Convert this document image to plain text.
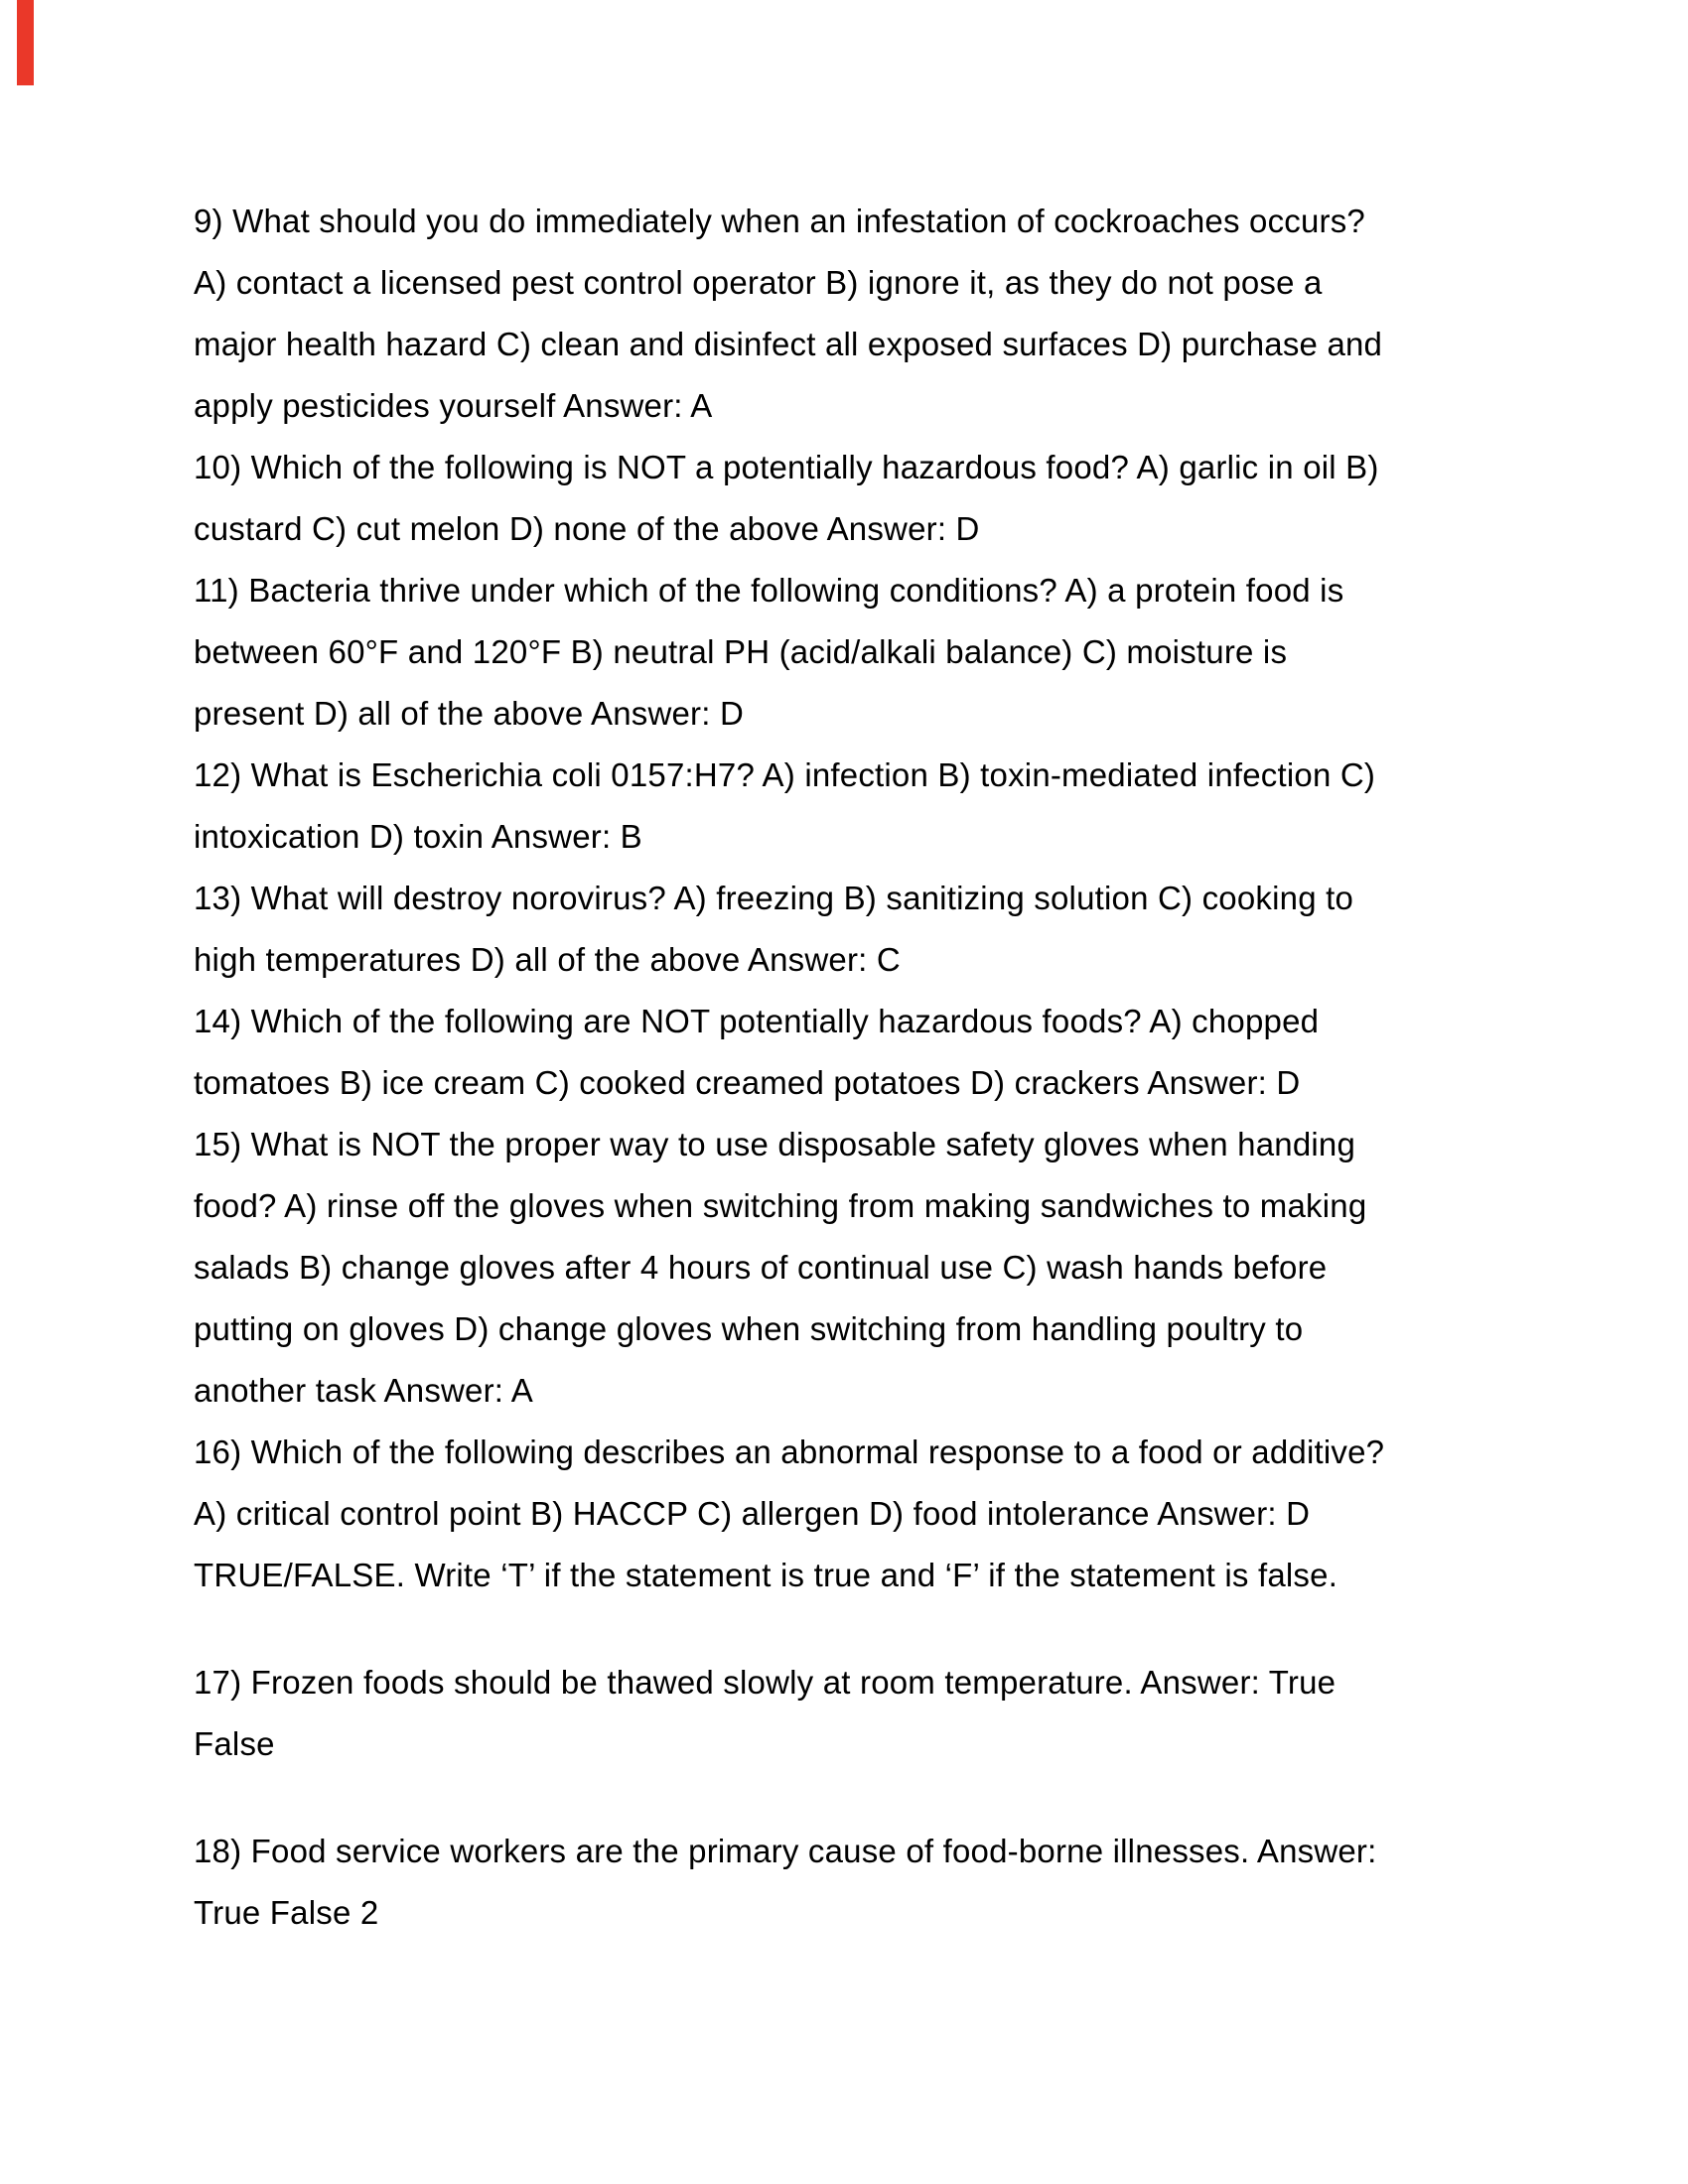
9) What should you do immediately when an infestation of cockroaches occurs?
A) contact a licensed pest control operator B) ignore it, as they do not pose a
major health hazard C) clean and disinfect all exposed surfaces D) purchase and
apply pesticides yourself Answer: A
10) Which of the following is NOT a potentially hazardous food? A) garlic in oil B)
custard C) cut melon D) none of the above Answer: D
11) Bacteria thrive under which of the following conditions? A) a protein food is
between 60°F and 120°F B) neutral PH (acid/alkali balance) C) moisture is
present D) all of the above Answer: D
12) What is Escherichia coli 0157:H7? A) infection B) toxin-mediated infection C)
intoxication D) toxin Answer: B
13) What will destroy norovirus? A) freezing B) sanitizing solution C) cooking to
high temperatures D) all of the above Answer: C
14) Which of the following are NOT potentially hazardous foods? A) chopped
tomatoes B) ice cream C) cooked creamed potatoes D) crackers Answer: D
15) What is NOT the proper way to use disposable safety gloves when handing
food? A) rinse off the gloves when switching from making sandwiches to making
salads B) change gloves after 4 hours of continual use C) wash hands before
putting on gloves D) change gloves when switching from handling poultry to
another task Answer: A
16) Which of the following describes an abnormal response to a food or additive?
A) critical control point B) HACCP C) allergen D) food intolerance Answer: D
TRUE/FALSE. Write ‘T’ if the statement is true and ‘F’ if the statement is false.
17) Frozen foods should be thawed slowly at room temperature. Answer: True
False
18) Food service workers are the primary cause of food-borne illnesses. Answer:
True False 2
